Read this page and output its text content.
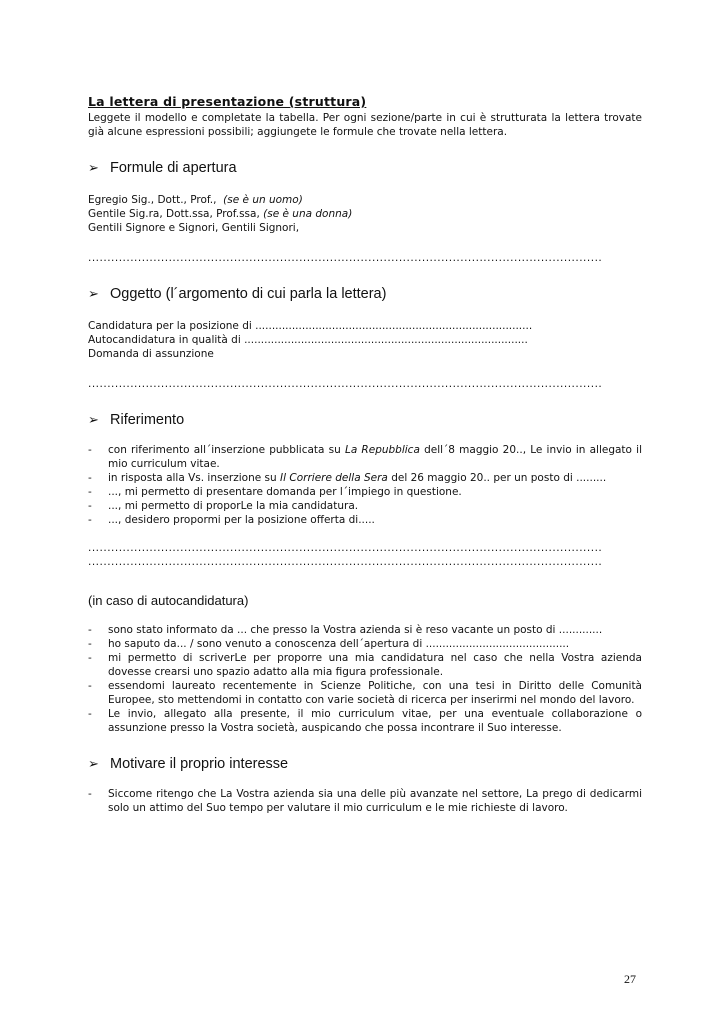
La lettera di presentazione (struttura)
Leggete il modello e completate la tabella. Per ogni sezione/parte in cui è strutturata la lettera trovate già alcune espressioni possibili; aggiungete le formule che trovate nella lettera.
➢ Formule di apertura
Egregio Sig., Dott., Prof., (se è un uomo)
Gentile Sig.ra, Dott.ssa, Prof.ssa, (se è una donna)
Gentili Signore e Signori, Gentili Signori,
......................................................................................................................................
➢ Oggetto (l´argomento di cui parla la lettera)
Candidatura per la posizione di ...................................................................................
Autocandidatura in qualità di .....................................................................................
Domanda di assunzione
......................................................................................................................................
➢ Riferimento
- con riferimento all´inserzione pubblicata su La Repubblica dell´8 maggio 20.., Le invio in allegato il mio curriculum vitae.
- in risposta alla Vs. inserzione su Il Corriere della Sera del 26 maggio 20.. per un posto di .........
- ..., mi permetto di presentare domanda per l´impiego in questione.
- ..., mi permetto di proporLe la mia candidatura.
- ..., desidero propormi per la posizione offerta di.....
......................................................................................................................................
......................................................................................................................................
(in caso di autocandidatura)
- sono stato informato da ... che presso la Vostra azienda si è reso vacante un posto di .............
- ho saputo da... / sono venuto a conoscenza dell´apertura di ...........................................
- mi permetto di scriverLe per proporre una mia candidatura nel caso che nella Vostra azienda dovesse crearsi uno spazio adatto alla mia figura professionale.
- essendomi laureato recentemente in Scienze Politiche, con una tesi in Diritto delle Comunità Europee, sto mettendomi in contatto con varie società di ricerca per inserirmi nel mondo del lavoro.
- Le invio, allegato alla presente, il mio curriculum vitae, per una eventuale collaborazione o assunzione presso la Vostra società, auspicando che possa incontrare il Suo interesse.
➢ Motivare il proprio interesse
- Siccome ritengo che La Vostra azienda sia una delle più avanzate nel settore, La prego di dedicarmi solo un attimo del Suo tempo per valutare il mio curriculum e le mie richieste di lavoro.
27
